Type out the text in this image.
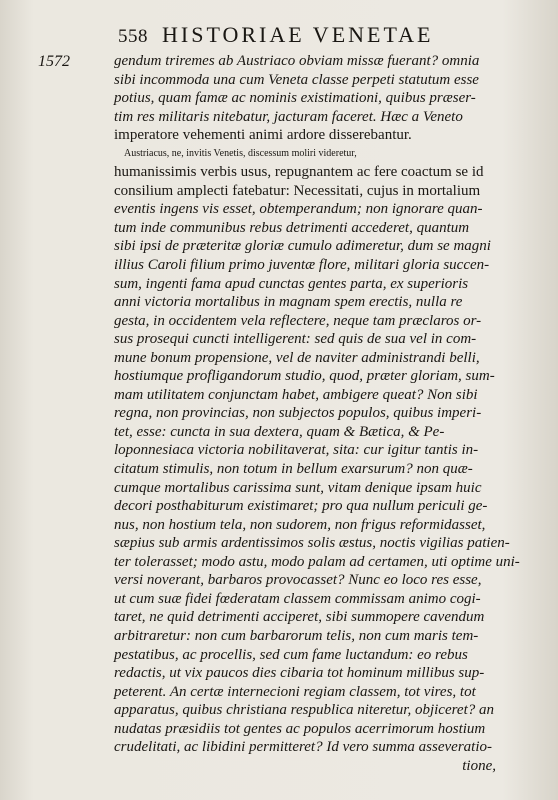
558 HISTORIAE VENETAE
1572	gendum triremes ab Austriaco obviam missæ fuerant? omnia
sibi incommoda una cum Veneta classe perpeti statutum esse
potius, quam famæ ac nominis existimationi, quibus præser-
tim res militaris nitebatur, jacturam faceret. Hæc a Veneto
imperatore vehementi animi ardore disserebantur.
Austriacus, ne, invitis Venetis, discessum moliri videretur,
humanissimis verbis usus, repugnantem ac fere coactum se id
consilium amplecti fatebatur: Necessitati, cujus in mortalium
eventis ingens vis esset, obtemperandum; non ignorare quan-
tum inde communibus rebus detrimenti accederet, quantum
sibi ipsi de præteritæ gloriæ cumulo adimeretur, dum se magni
illius Caroli filium primo juventæ flore, militari gloria succen-
sum, ingenti fama apud cunctas gentes parta, ex superioris
anni victoria mortalibus in magnam spem erectis, nulla re
gesta, in occidentem vela reflectere, neque tam præclaros or-
sus prosequi cuncti intelligerent: sed quis de sua vel in com-
mune bonum propensione, vel de naviter administrandi belli,
hostiumque profligandorum studio, quod, præter gloriam, sum-
mam utilitatem conjunctam habet, ambigere queat? Non sibi
regna, non provincias, non subjectos populos, quibus imperi-
tet, esse: cuncta in sua dextera, quam & Bætica, & Pe-
loponnesiaca victoria nobilitaverat, sita: cur igitur tantis in-
citatum stimulis, non totum in bellum exarsurum? non quæ-
cumque mortalibus carissima sunt, vitam denique ipsam huic
decori posthabiturum existimaret; pro qua nullum periculi ge-
nus, non hostium tela, non sudorem, non frigus reformidasset,
sæpius sub armis ardentissimos solis æstus, noctis vigilias patien-
ter tolerasset; modo astu, modo palam ad certamen, uti optime uni-
versi noverant, barbaros provocasset? Nunc eo loco res esse,
ut cum suæ fidei fœderatam classem commissam animo cogi-
taret, ne quid detrimenti acciperet, sibi summopere cavendum
arbitraretur: non cum barbarorum telis, non cum maris tem-
pestatibus, ac procellis, sed cum fame luctandum: eo rebus
redactis, ut vix paucos dies cibaria tot hominum millibus sup-
peterent. An certæ internecioni regiam classem, tot vires, tot
apparatus, quibus christiana respublica niteretur, objiceret? an
nudatas præsidiis tot gentes ac populos acerrimorum hostium
crudelitati, ac libidini permitteret? Id vero summa asseveratio-
tione,
